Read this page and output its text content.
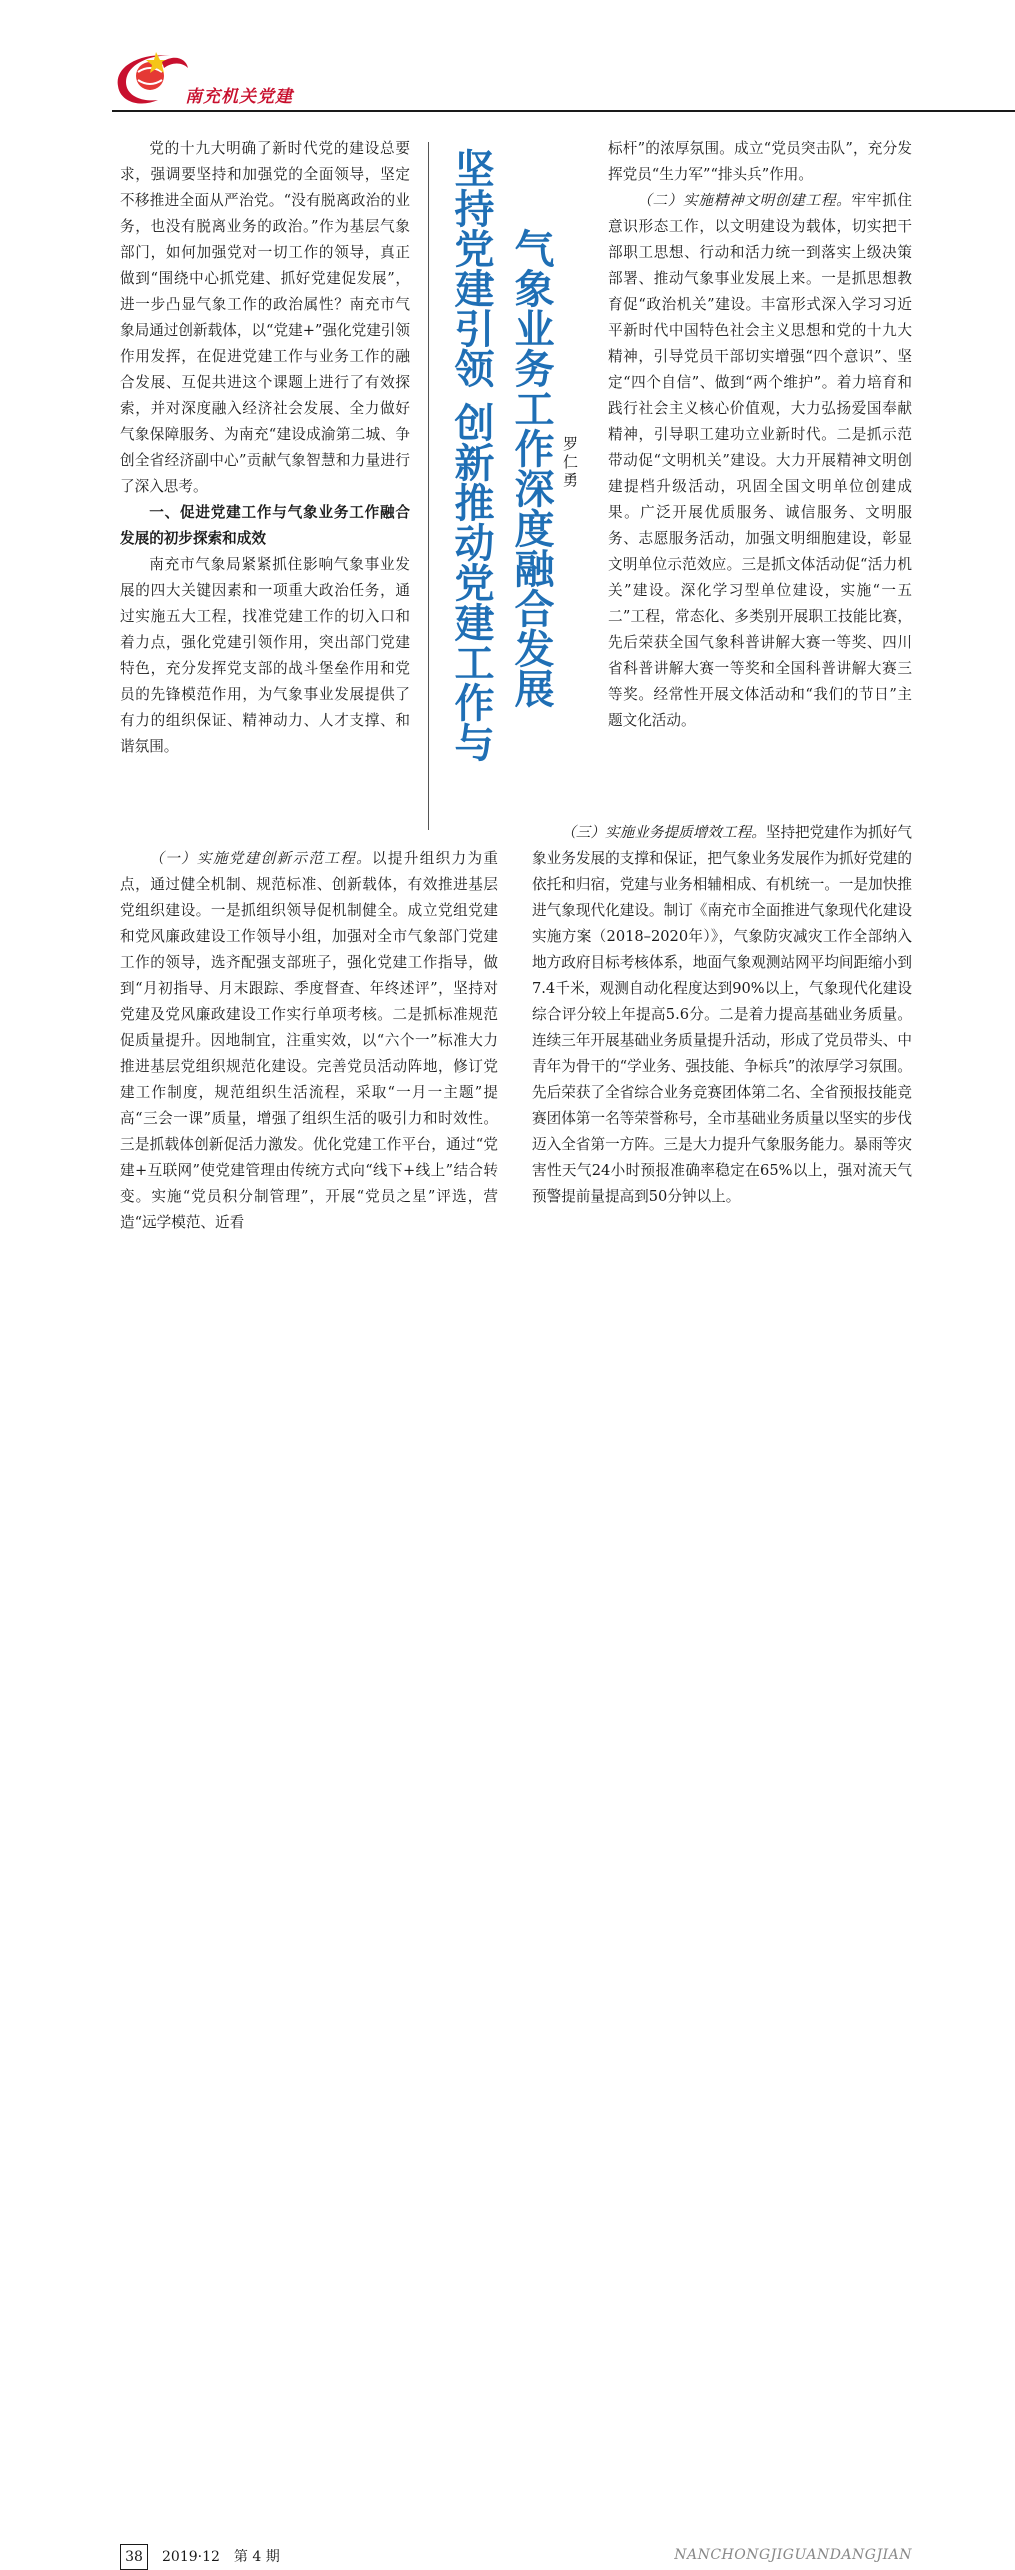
南充机关党建

党的十九大明确了新时代党的建设总要求，强调要坚持和加强党的全面领导，坚定不移推进全面从严治党。“没有脱离政治的业务，也没有脱离业务的政治。”作为基层气象部门，如何加强党对一切工作的领导，真正做到“围绕中心抓党建、抓好党建促发展”，进一步凸显气象工作的政治属性？南充市气象局通过创新载体，以“党建+”强化党建引领作用发挥，在促进党建工作与业务工作的融合发展、互促共进这个课题上进行了有效探索，并对深度融入经济社会发展、全力做好气象保障服务、为南充“建设成渝第二城、争创全省经济副中心”贡献气象智慧和力量进行了深入思考。

一、促进党建工作与气象业务工作融合发展的初步探索和成效

南充市气象局紧紧抓住影响气象事业发展的四大关键因素和一项重大政治任务，通过实施五大工程，找准党建工作的切入口和着力点，强化党建引领作用，突出部门党建特色，充分发挥党支部的战斗堡垒作用和党员的先锋模范作用，为气象事业发展提供了有力的组织保证、精神动力、人才支撑、和谐氛围。	坚持党建引领 创新推动党建工作与 气象业务工作深度融合发展 罗仁勇

标杆”的浓厚氛围。成立“党员突击队”，充分发挥党员“生力军”“排头兵”作用。

（二）实施精神文明创建工程。牢牢抓住意识形态工作，以文明建设为载体，切实把干部职工思想、行动和活力统一到落实上级决策部署、推动气象事业发展上来。一是抓思想教育促“政治机关”建设。丰富形式深入学习习近平新时代中国特色社会主义思想和党的十九大精神，引导党员干部切实增强“四个意识”、坚定“四个自信”、做到“两个维护”。着力培育和践行社会主义核心价值观，大力弘扬爱国奉献精神，引导职工建功立业新时代。二是抓示范带动促“文明机关”建设。大力开展精神文明创建提档升级活动，巩固全国文明单位创建成果。广泛开展优质服务、诚信服务、文明服务、志愿服务活动，加强文明细胞建设，彰显文明单位示范效应。三是抓文体活动促“活力机关”建设。深化学习型单位建设，实施“一五二”工程，常态化、多类别开展职工技能比赛，先后荣获全国气象科普讲解大赛一等奖、四川省科普讲解大赛一等奖和全国科普讲解大赛三等奖。经常性开展文体活动和“我们的节日”主题文化活动。

（一）实施党建创新示范工程。以提升组织力为重点，通过健全机制、规范标准、创新载体，有效推进基层党组织建设。一是抓组织领导促机制健全。成立党组党建和党风廉政建设工作领导小组，加强对全市气象部门党建工作的领导，选齐配强支部班子，强化党建工作指导，做到“月初指导、月末跟踪、季度督查、年终述评”，坚持对党建及党风廉政建设工作实行单项考核。二是抓标准规范促质量提升。因地制宜，注重实效，以“六个一”标准大力推进基层党组织规范化建设。完善党员活动阵地，修订党建工作制度，规范组织生活流程，采取“一月一主题”提高“三会一课”质量，增强了组织生活的吸引力和时效性。三是抓载体创新促活力激发。优化党建工作平台，通过“党建+互联网”使党建管理由传统方式向“线下+线上”结合转变。实施“党员积分制管理”，开展“党员之星”评选，营造“远学模范、近看

（三）实施业务提质增效工程。坚持把党建作为抓好气象业务发展的支撑和保证，把气象业务发展作为抓好党建的依托和归宿，党建与业务相辅相成、有机统一。一是加快推进气象现代化建设。制订《南充市全面推进气象现代化建设实施方案（2018–2020年）》，气象防灾减灾工作全部纳入地方政府目标考核体系，地面气象观测站网平均间距缩小到7.4千米，观测自动化程度达到90%以上，气象现代化建设综合评分较上年提高5.6分。二是着力提高基础业务质量。连续三年开展基础业务质量提升活动，形成了党员带头、中青年为骨干的“学业务、强技能、争标兵”的浓厚学习氛围。先后荣获了全省综合业务竞赛团体第二名、全省预报技能竞赛团体第一名等荣誉称号，全市基础业务质量以坚实的步伐迈入全省第一方阵。三是大力提升气象服务能力。暴雨等灾害性天气24小时预报准确率稳定在65%以上，强对流天气预警提前量提高到50分钟以上。

38	2019·12　第 4 期	NANCHONGJIGUANDANGJIAN
